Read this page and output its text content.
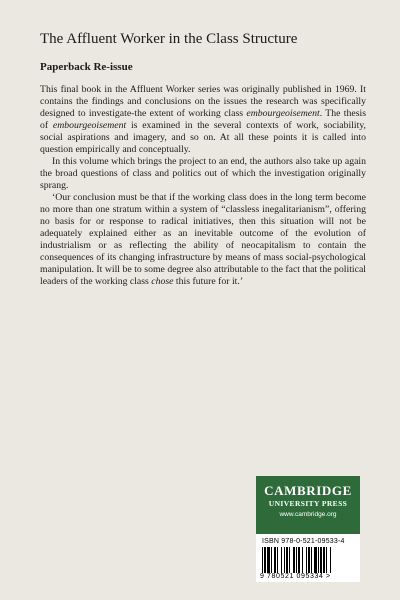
The Affluent Worker in the Class Structure
Paperback Re-issue

This final book in the Affluent Worker series was originally published in 1969. It contains the findings and conclusions on the issues the research was specifically designed to investigate-the extent of working class embourgeoisement. The thesis of embourgeoisement is examined in the several contexts of work, sociability, social aspirations and imagery, and so on. At all these points it is called into question empirically and conceptually.

In this volume which brings the project to an end, the authors also take up again the broad questions of class and politics out of which the investigation originally sprang.

‘Our conclusion must be that if the working class does in the long term become no more than one stratum within a system of “classless inegalitarianism”, offering no basis for or response to radical initiatives, then this situation will not be adequately explained either as an inevitable outcome of the evolution of industrialism or as reflecting the ability of neocapitalism to contain the consequences of its changing infrastructure by means of mass social-psychological manipulation. It will be to some degree also attributable to the fact that the political leaders of the working class chose this future for it.’

CAMBRIDGE
UNIVERSITY PRESS
www.cambridge.org
ISBN 978-0-521-09533-4
9 780521 095334 >
